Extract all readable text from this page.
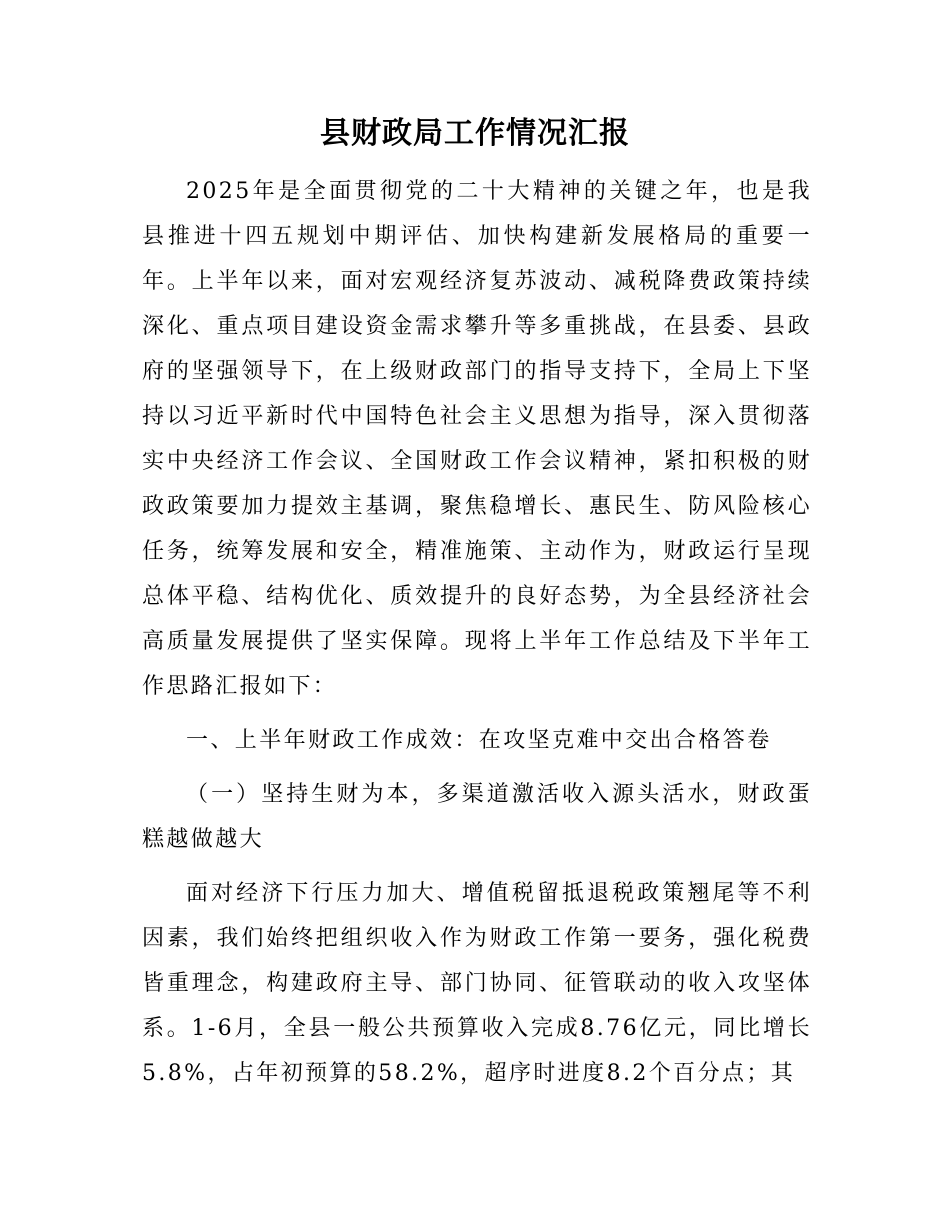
县财政局工作情况汇报

2025年是全面贯彻党的二十大精神的关键之年，也是我县推进十四五规划中期评估、加快构建新发展格局的重要一年。上半年以来，面对宏观经济复苏波动、减税降费政策持续深化、重点项目建设资金需求攀升等多重挑战，在县委、县政府的坚强领导下，在上级财政部门的指导支持下，全局上下坚持以习近平新时代中国特色社会主义思想为指导，深入贯彻落实中央经济工作会议、全国财政工作会议精神，紧扣积极的财政政策要加力提效主基调，聚焦稳增长、惠民生、防风险核心任务，统筹发展和安全，精准施策、主动作为，财政运行呈现总体平稳、结构优化、质效提升的良好态势，为全县经济社会高质量发展提供了坚实保障。现将上半年工作总结及下半年工作思路汇报如下：

一、上半年财政工作成效：在攻坚克难中交出合格答卷

（一）坚持生财为本，多渠道激活收入源头活水，财政蛋糕越做越大

面对经济下行压力加大、增值税留抵退税政策翘尾等不利因素，我们始终把组织收入作为财政工作第一要务，强化税费皆重理念，构建政府主导、部门协同、征管联动的收入攻坚体系。1-6月，全县一般公共预算收入完成8.76亿元，同比增长5.8%，占年初预算的58.2%，超序时进度8.2个百分点；其
